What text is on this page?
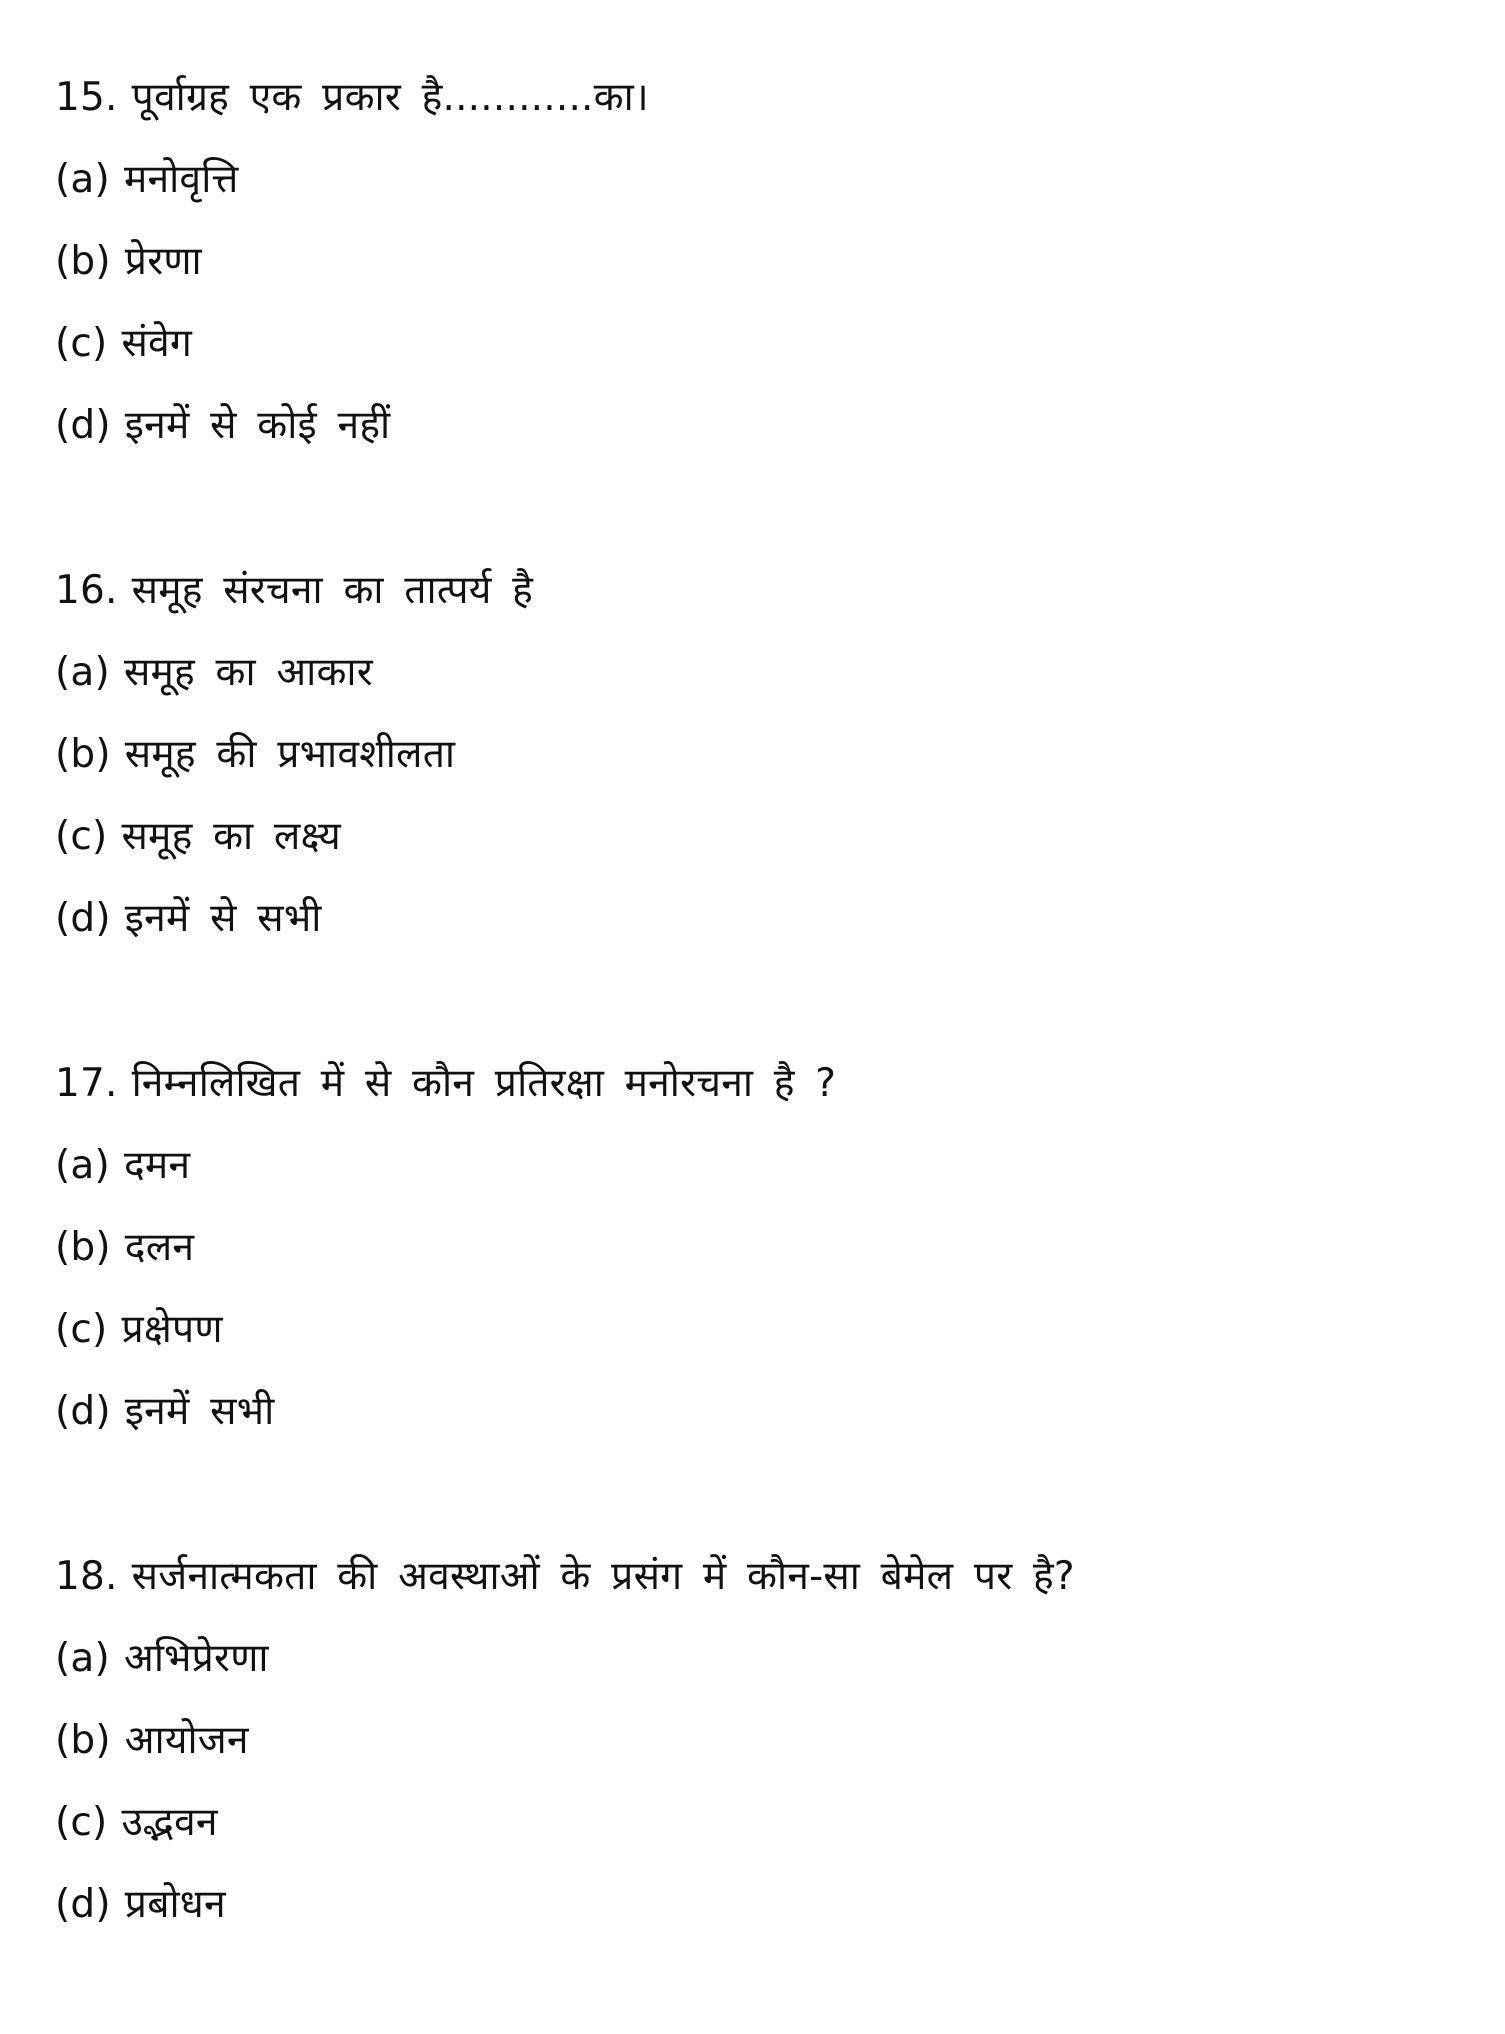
15. पूर्वाग्रह एक प्रकार है............का।
(a) मनोवृत्ति
(b) प्रेरणा
(c) संवेग
(d) इनमें से कोई नहीं
16. समूह संरचना का तात्पर्य है
(a) समूह का आकार
(b) समूह की प्रभावशीलता
(c) समूह का लक्ष्य
(d) इनमें से सभी
17. निम्नलिखित में से कौन प्रतिरक्षा मनोरचना है ?
(a) दमन
(b) दलन
(c) प्रक्षेपण
(d) इनमें सभी
18. सर्जनात्मकता की अवस्थाओं के प्रसंग में कौन-सा बेमेल पर है?
(a) अभिप्रेरणा
(b) आयोजन
(c) उद्भवन
(d) प्रबोधन
